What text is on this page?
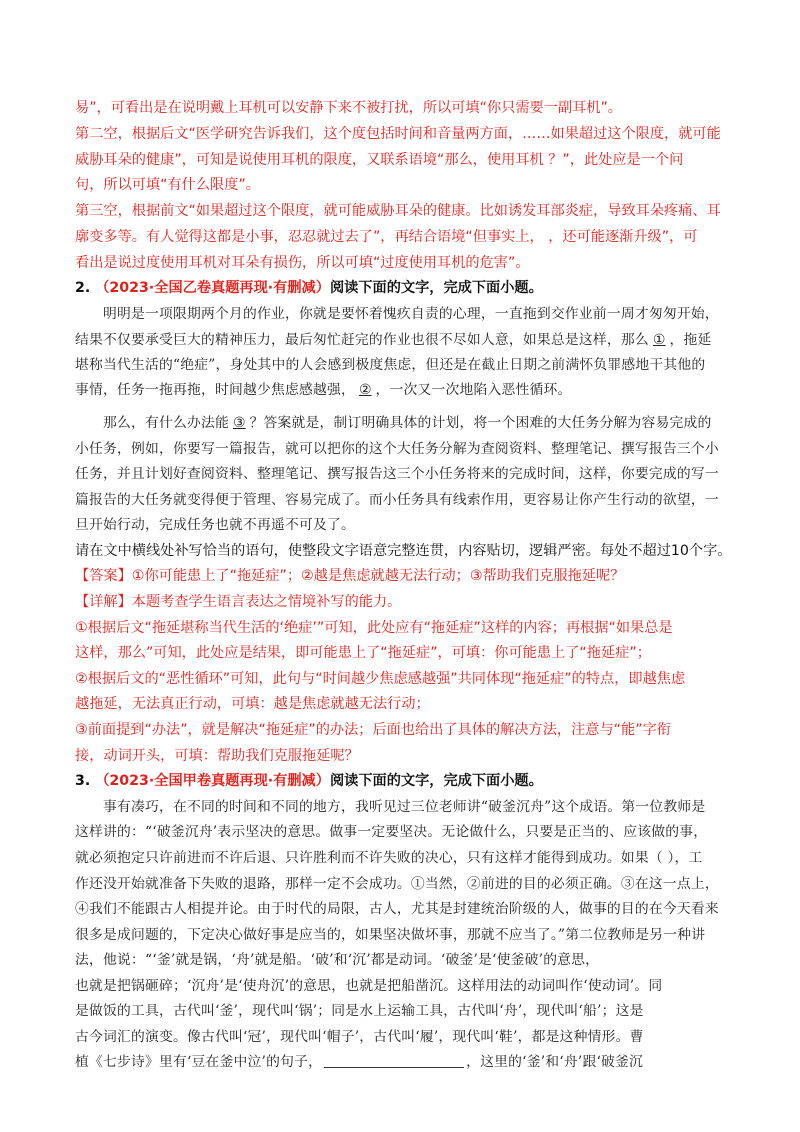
易”，可看出是在说明戴上耳机可以安静下来不被打扰，所以可填“你只需要一副耳机”。
第二空，根据后文“医学研究告诉我们，这个度包括时间和音量两方面，……如果超过这个限度，就可能
威胁耳朵的健康”，可知是说使用耳机的限度，又联系语境“那么，使用耳机 ？”，此处应是一个问
句，所以可填“有什么限度”。
第三空，根据前文“如果超过这个限度，就可能威胁耳朵的健康。比如诱发耳部炎症，导致耳朵疼痛、耳
廓变多等。有人觉得这都是小事，忍忍就过去了”，再结合语境“但事实上， ，还可能逐渐升级”，可
看出是说过度使用耳机对耳朵有损伤，所以可填“过度使用耳机的危害”。
2. （2023·全国乙卷真题再现·有删减）阅读下面的文字，完成下面小题。
明明是一项限期两个月的作业，你就是要怀着愧疚自责的心理，一直拖到交作业前一周才匆匆开始，
结果不仅要承受巨大的精神压力，最后匆忙赶完的作业也很不尽如人意，如果总是这样，那么 ① ，拖延
堪称当代生活的“绝症”，身处其中的人会感到极度焦虑，但还是在截止日期之前满怀负罪感地干其他的
事情，任务一拖再拖，时间越少焦虑感越强， ② ，一次又一次地陷入恶性循环。
那么，有什么办法能 ③ ？答案就是，制订明确具体的计划，将一个困难的大任务分解为容易完成的
小任务，例如，你要写一篇报告，就可以把你的这个大任务分解为查阅资料、整理笔记、撰写报告三个小
任务，并且计划好查阅资料、整理笔记、撰写报告这三个小任务将来的完成时间，这样，你要完成的写一
篇报告的大任务就变得便于管理、容易完成了。而小任务具有线索作用，更容易让你产生行动的欲望，一
旦开始行动，完成任务也就不再遥不可及了。
请在文中横线处补写恰当的语句，使整段文字语意完整连贯，内容贴切，逻辑严密。每处不超过10个字。
【答案】①你可能患上了“拖延症”；②越是焦虑就越无法行动；③帮助我们克服拖延呢？
【详解】本题考查学生语言表达之情境补写的能力。
①根据后文“拖延堪称当代生活的‘绝症’”可知，此处应有“拖延症”这样的内容；再根据“如果总是
这样，那么”可知，此处应是结果，即可能患上了“拖延症”，可填：你可能患上了“拖延症”；
②根据后文的“恶性循环”可知，此句与“时间越少焦虑感越强”共同体现“拖延症”的特点，即越焦虑
越拖延，无法真正行动，可填：越是焦虑就越无法行动；
③前面提到“办法”，就是解决“拖延症”的办法；后面也给出了具体的解决方法，注意与“能”字衔
接，动词开头，可填：帮助我们克服拖延呢？
3. （2023·全国甲卷真题再现·有删减）阅读下面的文字，完成下面小题。
事有凑巧，在不同的时间和不同的地方，我听见过三位老师讲“破釜沉舟”这个成语。第一位教师是
这样讲的：“‘破釜沉舟’表示坚决的意思。做事一定要坚决。无论做什么，只要是正当的、应该做的事，
就必须抱定只许前进而不许后退、只许胜利而不许失败的决心，只有这样才能得到成功。如果（ ），工
作还没开始就准备下失败的退路，那样一定不会成功。①当然，②前进的目的必须正确。③在这一点上，
④我们不能跟古人相提并论。由于时代的局限，古人，尤其是封建统治阶级的人，做事的目的在今天看来
很多是成问题的，下定决心做好事是应当的，如果坚决做坏事，那就不应当了。”第二位教师是另一种讲
法，他说：“‘釜’就是锅，‘舟’就是船。‘破’和‘沉’都是动词。‘破釜’是‘使釜破’的意思，
也就是把锅砸碎；‘沉舟’是‘使舟沉’的意思，也就是把船凿沉。这样用法的动词叫作‘使动词’。同
是做饭的工具，古代叫‘釜’，现代叫‘锅’；同是水上运输工具，古代叫‘舟’，现代叫‘船’；这是
古今词汇的演变。像古代叫‘冠’，现代叫‘帽子’，古代叫‘履’，现代叫‘鞋’，都是这种情形。曹
植《七步诗》里有‘豆在釜中泣’的句子，	，这里的‘釜’和‘舟’跟‘破釜沉
